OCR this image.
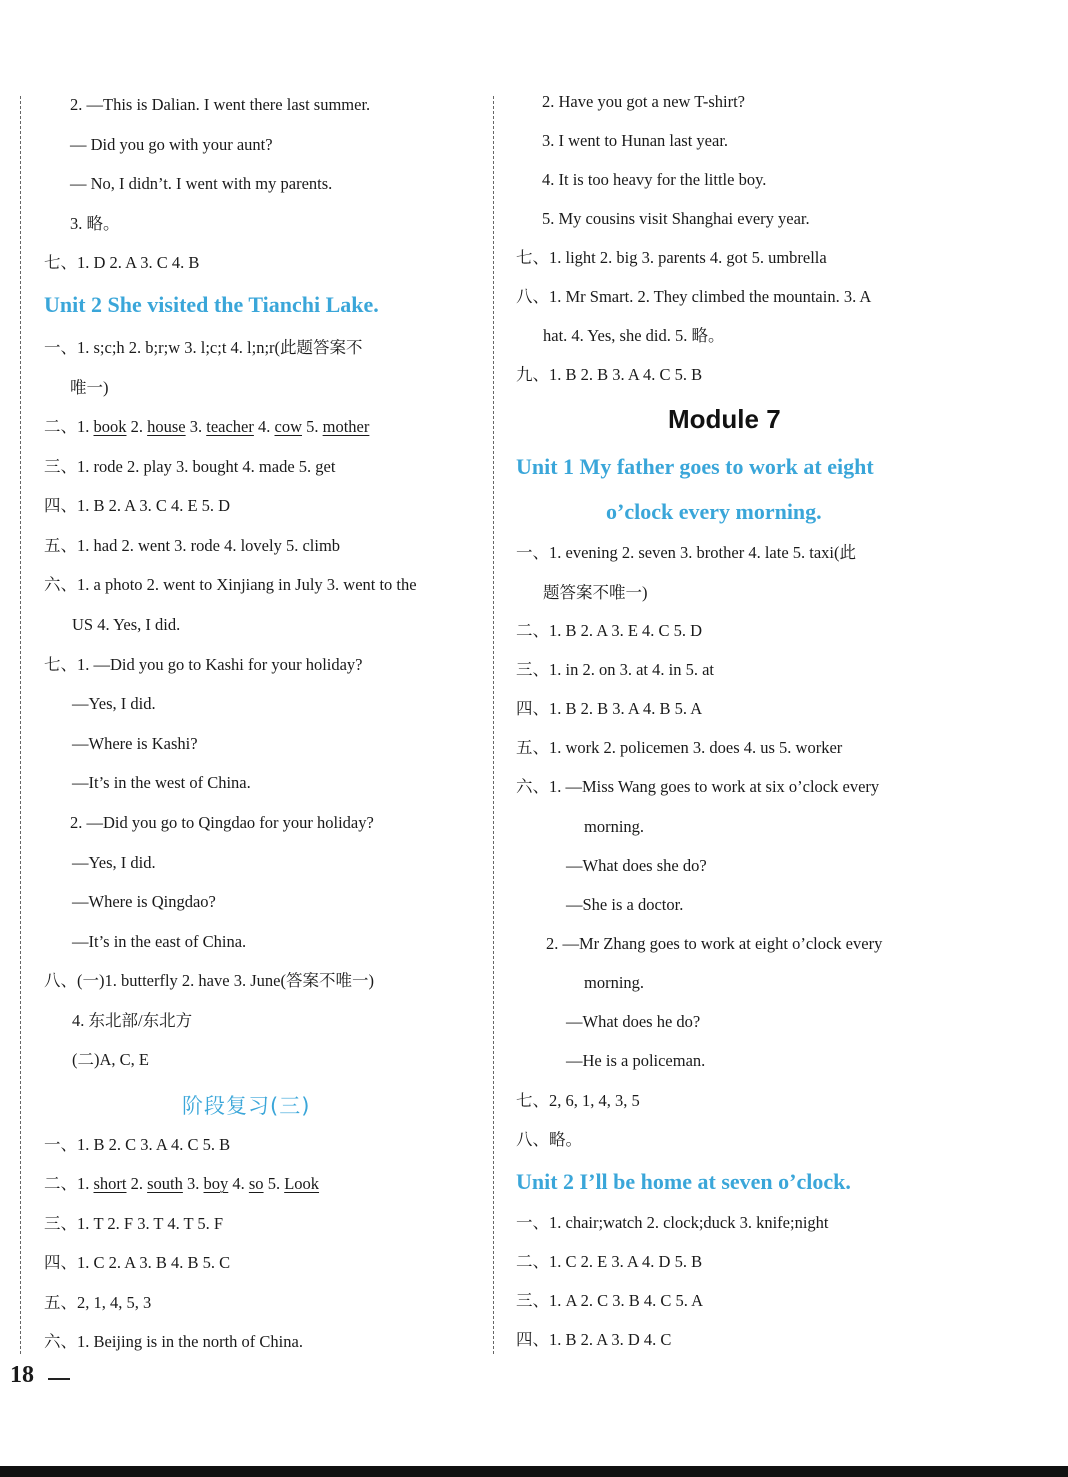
2. —This is Dalian. I went there last summer.
— Did you go with your aunt?
— No, I didn’t. I went with my parents.
3. 略。
七、1. D 2. A 3. C 4. B
Unit 2 She visited the Tianchi Lake.
一、1. s;c;h 2. b;r;w 3. l;c;t 4. l;n;r(此题答案不
唯一)
二、1. book 2. house 3. teacher 4. cow 5. mother
三、1. rode 2. play 3. bought 4. made 5. get
四、1. B 2. A 3. C 4. E 5. D
五、1. had 2. went 3. rode 4. lovely 5. climb
六、1. a photo 2. went to Xinjiang in July 3. went to the
US 4. Yes, I did.
七、1. —Did you go to Kashi for your holiday?
—Yes, I did.
—Where is Kashi?
—It’s in the west of China.
2. —Did you go to Qingdao for your holiday?
—Yes, I did.
—Where is Qingdao?
—It’s in the east of China.
八、(一)1. butterfly 2. have 3. June(答案不唯一)
4. 东北部/东北方
(二)A, C, E
阶段复习(三)
一、1. B 2. C 3. A 4. C 5. B
二、1. short 2. south 3. boy 4. so 5. Look
三、1. T 2. F 3. T 4. T 5. F
四、1. C 2. A 3. B 4. B 5. C
五、2, 1, 4, 5, 3
六、1. Beijing is in the north of China.
2. Have you got a new T-shirt?
3. I went to Hunan last year.
4. It is too heavy for the little boy.
5. My cousins visit Shanghai every year.
七、1. light 2. big 3. parents 4. got 5. umbrella
八、1. Mr Smart. 2. They climbed the mountain. 3. A
hat. 4. Yes, she did. 5. 略。
九、1. B 2. B 3. A 4. C 5. B
Module 7
Unit 1 My father goes to work at eight
o’clock every morning.
一、1. evening 2. seven 3. brother 4. late 5. taxi(此
题答案不唯一)
二、1. B 2. A 3. E 4. C 5. D
三、1. in 2. on 3. at 4. in 5. at
四、1. B 2. B 3. A 4. B 5. A
五、1. work 2. policemen 3. does 4. us 5. worker
六、1. —Miss Wang goes to work at six o’clock every
morning.
—What does she do?
—She is a doctor.
2. —Mr Zhang goes to work at eight o’clock every
morning.
—What does he do?
—He is a policeman.
七、2, 6, 1, 4, 3, 5
八、略。
Unit 2 I’ll be home at seven o’clock.
一、1. chair;watch 2. clock;duck 3. knife;night
二、1. C 2. E 3. A 4. D 5. B
三、1. A 2. C 3. B 4. C 5. A
四、1. B 2. A 3. D 4. C
18
